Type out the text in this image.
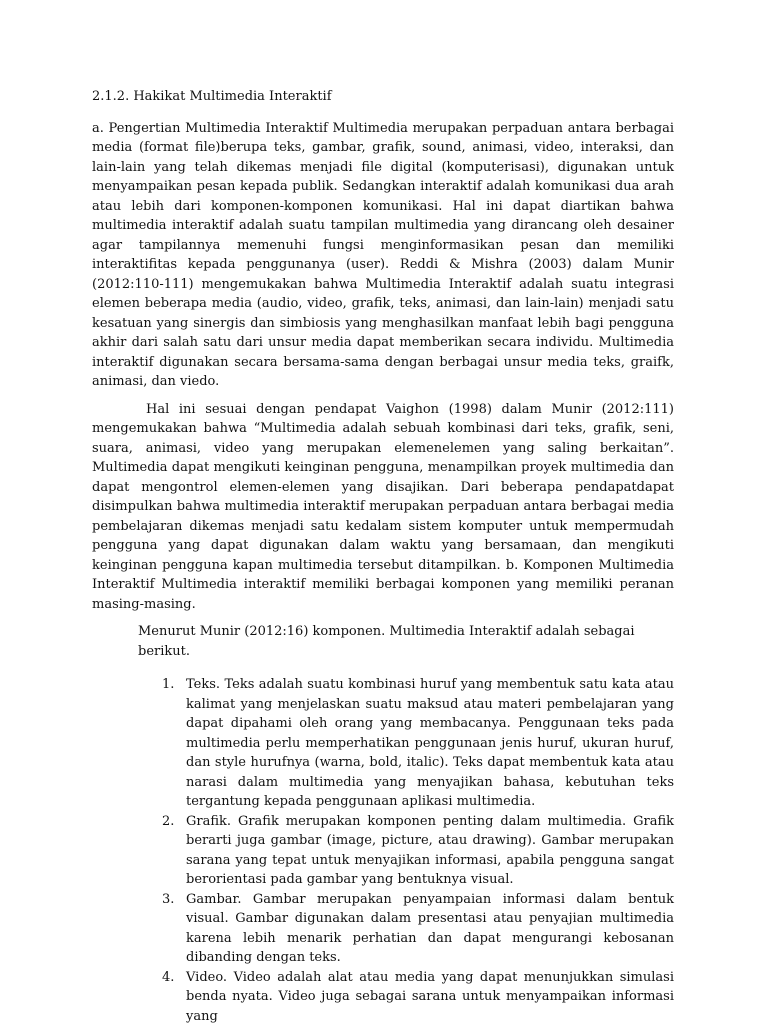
2.1.2. Hakikat Multimedia Interaktif

a. Pengertian Multimedia Interaktif Multimedia merupakan perpaduan antara berbagai media (format file)berupa teks, gambar, grafik, sound, animasi, video, interaksi, dan lain-lain yang telah dikemas menjadi file digital (komputerisasi), digunakan untuk menyampaikan pesan kepada publik. Sedangkan interaktif adalah komunikasi dua arah atau lebih dari komponen-komponen komunikasi. Hal ini dapat diartikan bahwa multimedia interaktif adalah suatu tampilan multimedia yang dirancang oleh desainer agar tampilannya memenuhi fungsi menginformasikan pesan dan memiliki interaktifitas kepada penggunanya (user). Reddi & Mishra (2003) dalam Munir (2012:110-111) mengemukakan bahwa Multimedia Interaktif adalah suatu integrasi elemen beberapa media (audio, video, grafik, teks, animasi, dan lain-lain) menjadi satu kesatuan yang sinergis dan simbiosis yang menghasilkan manfaat lebih bagi pengguna akhir dari salah satu dari unsur media dapat memberikan secara individu. Multimedia interaktif digunakan secara bersama-sama dengan berbagai unsur media teks, graifk, animasi, dan viedo.

Hal ini sesuai dengan pendapat Vaighon (1998) dalam Munir (2012:111) mengemukakan bahwa “Multimedia adalah sebuah kombinasi dari teks, grafik, seni, suara, animasi, video yang merupakan elemenelemen yang saling berkaitan”. Multimedia dapat mengikuti keinginan pengguna, menampilkan proyek multimedia dan dapat mengontrol elemen-elemen yang disajikan. Dari beberapa pendapatdapat disimpulkan bahwa multimedia interaktif merupakan perpaduan antara berbagai media pembelajaran dikemas menjadi satu kedalam sistem komputer untuk mempermudah pengguna yang dapat digunakan dalam waktu yang bersamaan, dan mengikuti keinginan pengguna kapan multimedia tersebut ditampilkan. b. Komponen Multimedia Interaktif Multimedia interaktif memiliki berbagai komponen yang memiliki peranan masing-masing.

Menurut Munir (2012:16) komponen. Multimedia Interaktif adalah sebagai berikut.

1. Teks. Teks adalah suatu kombinasi huruf yang membentuk satu kata atau kalimat yang menjelaskan suatu maksud atau materi pembelajaran yang dapat dipahami oleh orang yang membacanya. Penggunaan teks pada multimedia perlu memperhatikan penggunaan jenis huruf, ukuran huruf, dan style hurufnya (warna, bold, italic). Teks dapat membentuk kata atau narasi dalam multimedia yang menyajikan bahasa, kebutuhan teks tergantung kepada penggunaan aplikasi multimedia.
2. Grafik. Grafik merupakan komponen penting dalam multimedia. Grafik berarti juga gambar (image, picture, atau drawing). Gambar merupakan sarana yang tepat untuk menyajikan informasi, apabila pengguna sangat berorientasi pada gambar yang bentuknya visual.
3. Gambar. Gambar merupakan penyampaian informasi dalam bentuk visual. Gambar digunakan dalam presentasi atau penyajian multimedia karena lebih menarik perhatian dan dapat mengurangi kebosanan dibanding dengan teks.
4. Video. Video adalah alat atau media yang dapat menunjukkan simulasi benda nyata. Video juga sebagai sarana untuk menyampaikan informasi yang
